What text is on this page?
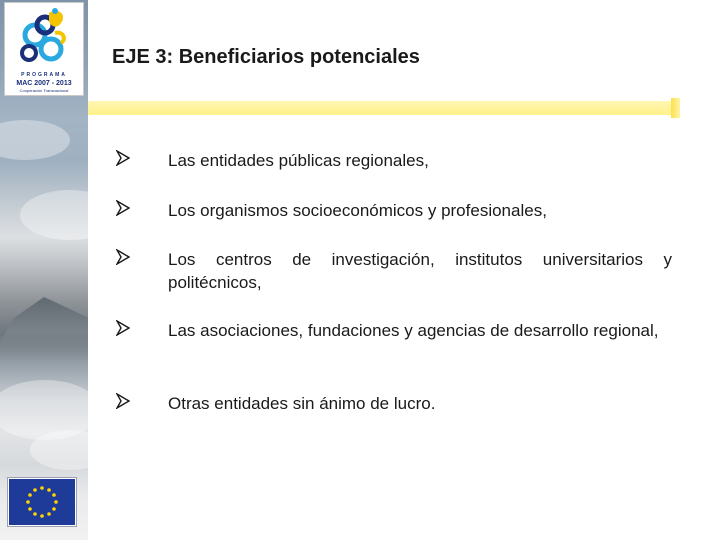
PROGRAMA
MAC 2007 - 2013
Cooperación Transnacional
EJE 3: Beneficiarios potenciales
Las entidades públicas regionales,
Los organismos socioeconómicos y profesionales,
Los centros de investigación, institutos universitarios y politécnicos,
Las asociaciones, fundaciones y agencias de desarrollo regional,
Otras entidades sin ánimo de lucro.
